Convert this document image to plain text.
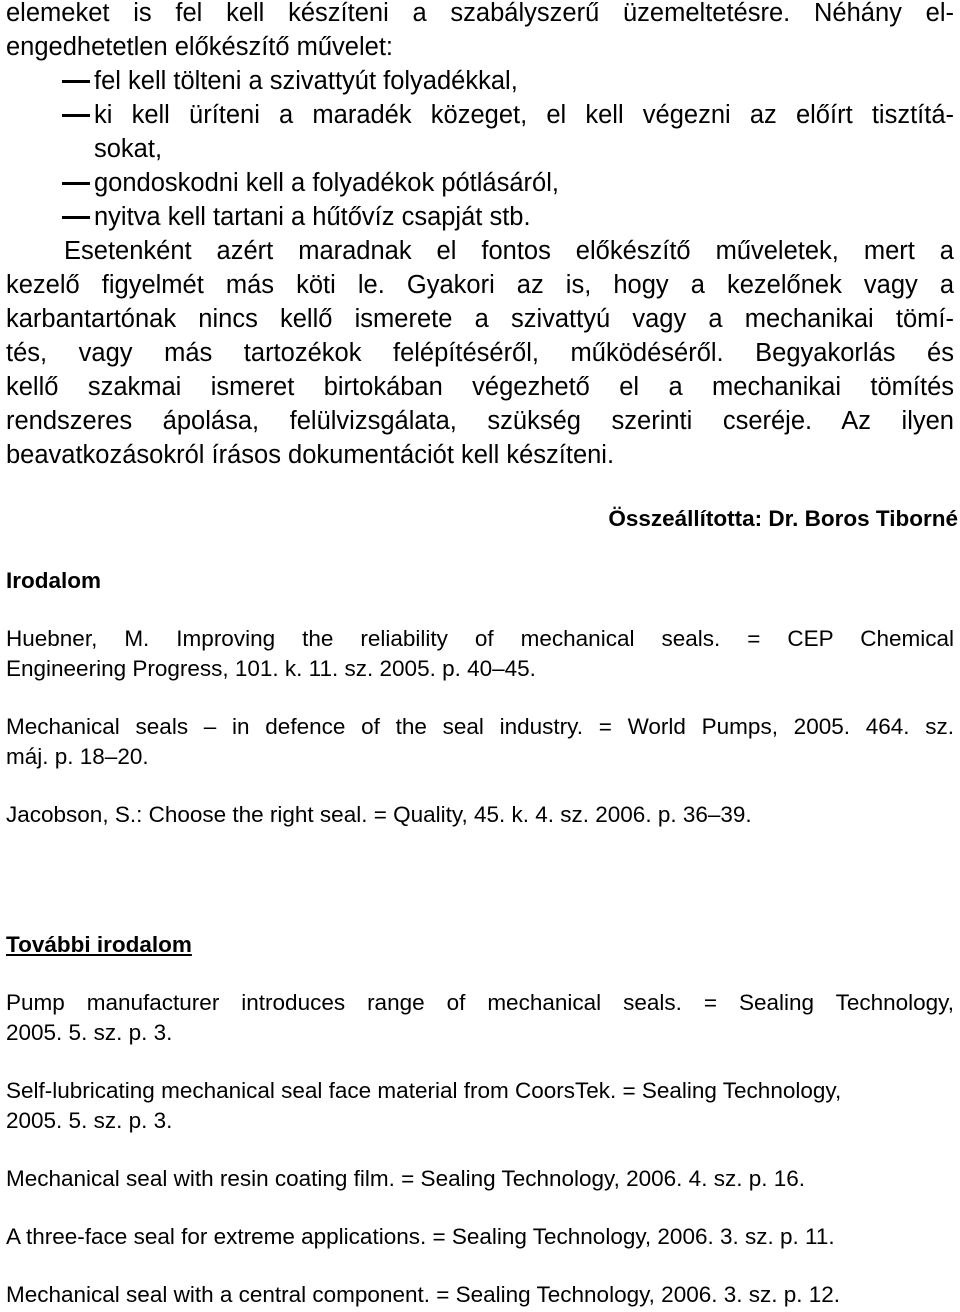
elemeket is fel kell készíteni a szabályszerű üzemeltetésre. Néhány el-
engedhetetlen előkészítő művelet:
fel kell tölteni a szivattyút folyadékkal,
ki kell üríteni a maradék közeget, el kell végezni az előírt tisztítá-
sokat,
gondoskodni kell a folyadékok pótlásáról,
nyitva kell tartani a hűtővíz csapját stb.
Esetenként azért maradnak el fontos előkészítő műveletek, mert a
kezelő figyelmét más köti le. Gyakori az is, hogy a kezelőnek vagy a
karbantartónak nincs kellő ismerete a szivattyú vagy a mechanikai tömí-
tés, vagy más tartozékok felépítéséről, működéséről. Begyakorlás és
kellő szakmai ismeret birtokában végezhető el a mechanikai tömítés
rendszeres ápolása, felülvizsgálata, szükség szerinti cseréje. Az ilyen
beavatkozásokról írásos dokumentációt kell készíteni.
Összeállította: Dr. Boros Tiborné
Irodalom
Huebner, M. Improving the reliability of mechanical seals. = CEP Chemical
Engineering Progress, 101. k. 11. sz. 2005. p. 40–45.
Mechanical seals – in defence of the seal industry. = World Pumps, 2005. 464. sz.
máj. p. 18–20.
Jacobson, S.: Choose the right seal. = Quality, 45. k. 4. sz. 2006. p. 36–39.
További irodalom
Pump manufacturer introduces range of mechanical seals. = Sealing Technology,
2005. 5. sz. p. 3.
Self-lubricating mechanical seal face material from CoorsTek. = Sealing Technology,
2005. 5. sz. p. 3.
Mechanical seal with resin coating film. = Sealing Technology, 2006. 4. sz. p. 16.
A three-face seal for extreme applications. = Sealing Technology, 2006. 3. sz. p. 11.
Mechanical seal with a central component. = Sealing Technology, 2006. 3. sz. p. 12.
